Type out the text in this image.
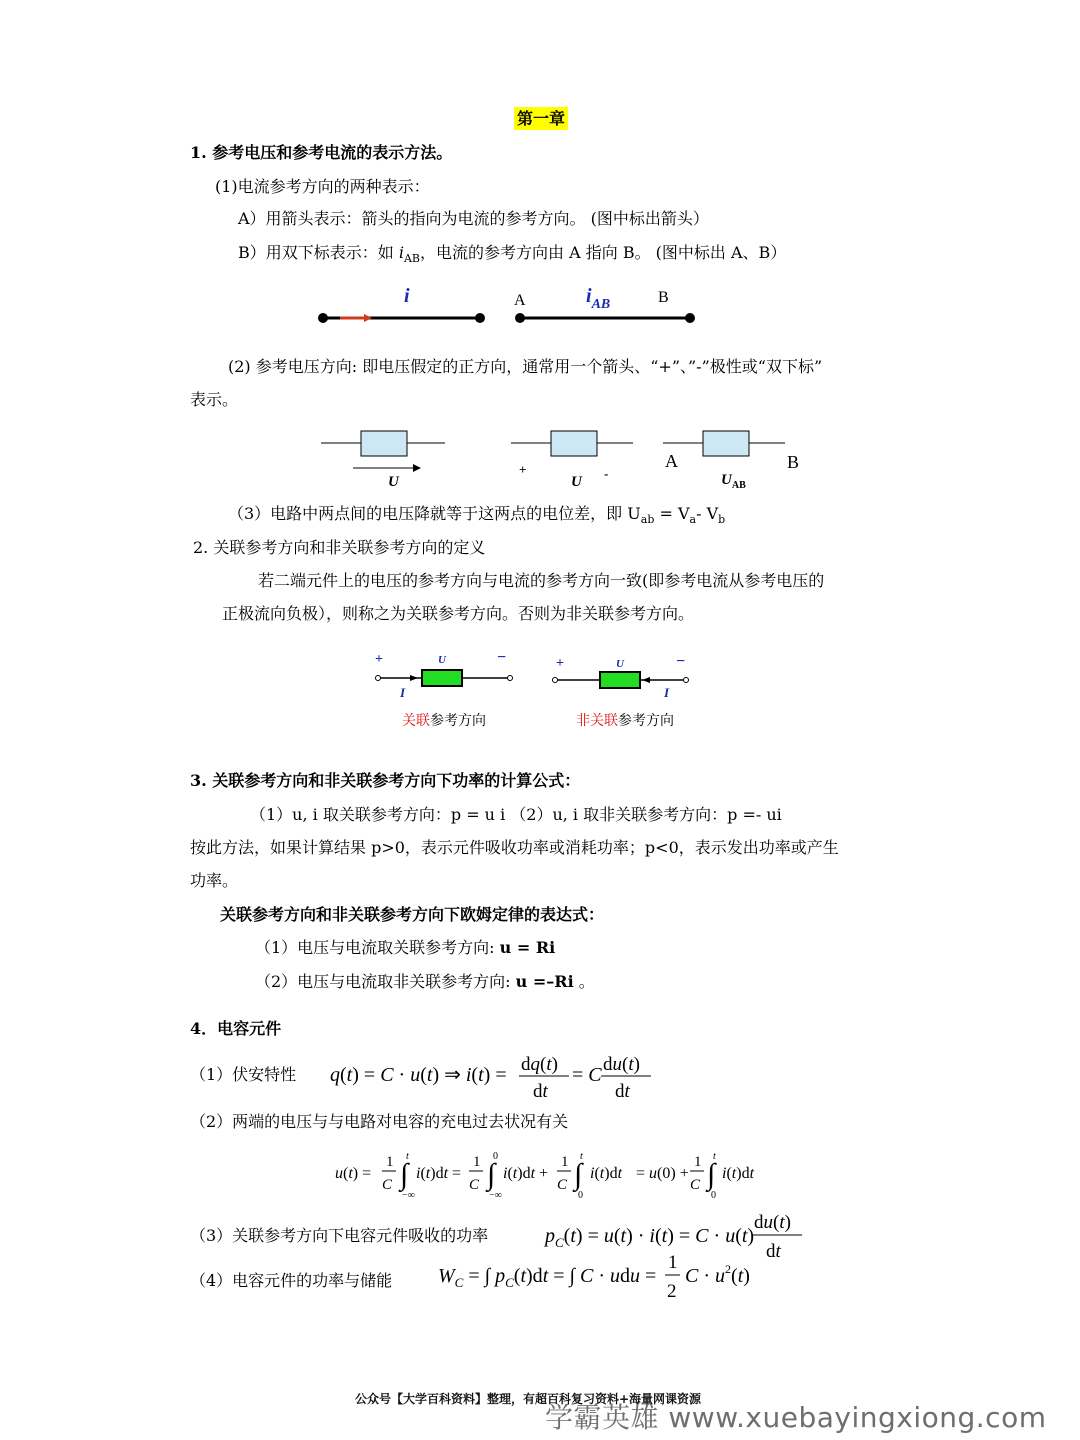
第一章
1. 参考电压和参考电流的表示方法。
(1)电流参考方向的两种表示：
A）用箭头表示：箭头的指向为电流的参考方向。 (图中标出箭头）
B）用双下标表示：如 $i_{AB}$，电流的参考方向由 A 指向 B。 (图中标出 A、B）
i	A	B
$i_{AB}$
(2) 参考电压方向: 即电压假定的正方向，通常用一个箭头、“+”、”-”极性或“双下标”
表示。
U
+
U
-
A	B
$U_{AB}$
（3）电路中两点间的电压降就等于这两点的电位差，即 $U_{ab} = V_a-$ $V_b$
2. 关联参考方向和非关联参考方向的定义
若二端元件上的电压的参考方向与电流的参考方向一致(即参考电流从参考电压的
正极流向负极），则称之为关联参考方向。否则为非关联参考方向。
+	U	−
I
关联参考方向
+	U	−
I
非关联参考方向
3. 关联参考方向和非关联参考方向下功率的计算公式：
（1）u, i 取关联参考方向：p = u i （2）u, i 取非关联参考方向：p =- ui
按此方法，如果计算结果 p>0，表示元件吸收功率或消耗功率；p<0，表示发出功率或产生
功率。
关联参考方向和非关联参考方向下欧姆定律的表达式：
（1）电压与电流取关联参考方向: u = Ri
（2）电压与电流取非关联参考方向: u =–Ri 。
4．电容元件
（1）伏安特性 q(t) = C · u(t) ⇒ i(t) = dq(t)
dt
= C du(t)
dt
（2）两端的电压与与电路对电容的充电过去状况有关
u(t) =
1
C ∫
t
−∞
i(t)dt =
1
C ∫
0
−∞
i(t)dt +
1
C ∫
t
0
i(t)dt = u(0) +
1
C ∫
t
0
i(t)dt
（3）关联参考方向下电容元件吸收的功率	$p_C(t) = u(t) \cdot i(t) = C \cdot u(t)$
du(t)
dt
（4）电容元件的功率与储能 $W_C$ = ∫ $p_C(t)dt$ = ∫ C · udu =
1
2
$C \cdot u^2(t)$
公众号【大学百科资料】整理，有超百科复习资料+海量网课资源
学霸英雄 www.xuebayingxiong.com
